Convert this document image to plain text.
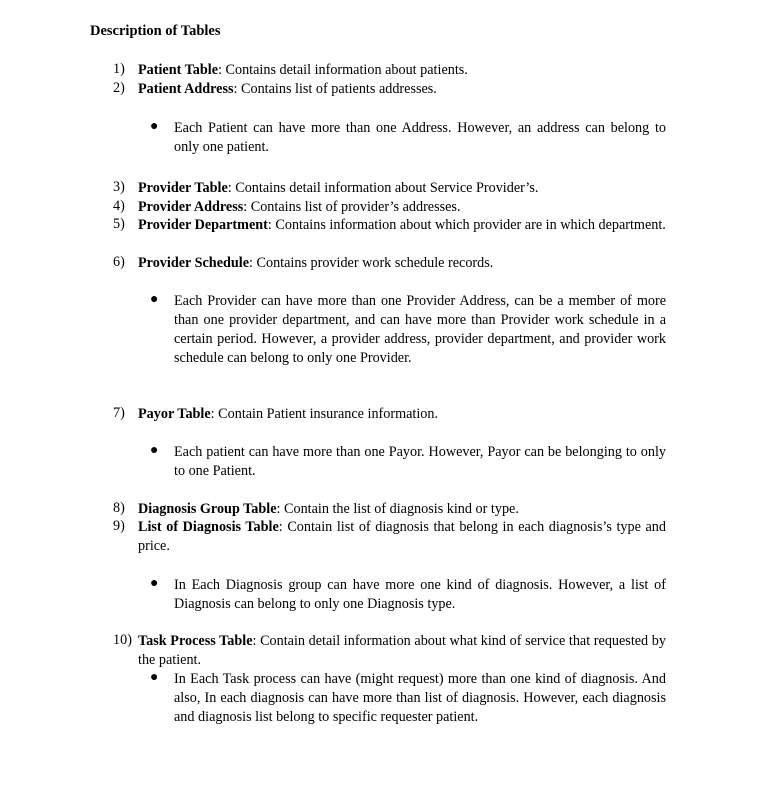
Description of Tables
1) Patient Table: Contains detail information about patients.
2) Patient Address: Contains list of patients addresses.
● Each Patient can have more than one Address. However, an address can belong to only one patient.
3) Provider Table: Contains detail information about Service Provider’s.
4) Provider Address: Contains list of provider’s addresses.
5) Provider Department: Contains information about which provider are in which department.
6) Provider Schedule: Contains provider work schedule records.
● Each Provider can have more than one Provider Address, can be a member of more than one provider department, and can have more than Provider work schedule in a certain period. However, a provider address, provider department, and provider work schedule can belong to only one Provider.
7) Payor Table: Contain Patient insurance information.
● Each patient can have more than one Payor. However, Payor can be belonging to only to one Patient.
8) Diagnosis Group Table: Contain the list of diagnosis kind or type.
9) List of Diagnosis Table: Contain list of diagnosis that belong in each diagnosis’s type and price.
● In Each Diagnosis group can have more one kind of diagnosis. However, a list of Diagnosis can belong to only one Diagnosis type.
10) Task Process Table: Contain detail information about what kind of service that requested by the patient.
● In Each Task process can have (might request) more than one kind of diagnosis. And also, In each diagnosis can have more than list of diagnosis. However, each diagnosis and diagnosis list belong to specific requester patient.
